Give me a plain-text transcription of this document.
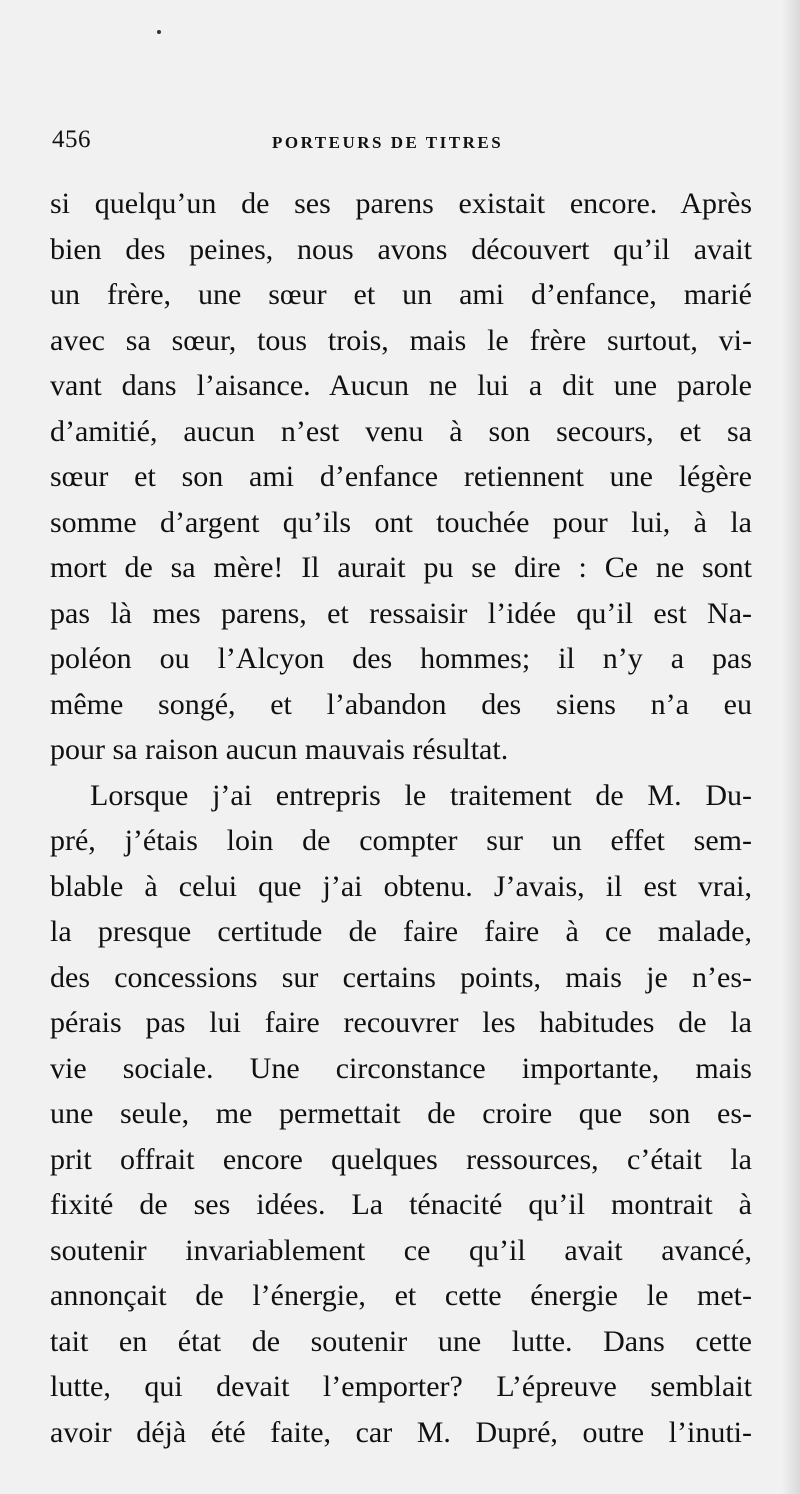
456	PORTEURS DE TITRES
si quelqu’un de ses parens existait encore. Après
bien des peines, nous avons découvert qu’il avait
un frère, une sœur et un ami d’enfance, marié
avec sa sœur, tous trois, mais le frère surtout, vi-
vant dans l’aisance. Aucun ne lui a dit une parole
d’amitié, aucun n’est venu à son secours, et sa
sœur et son ami d’enfance retiennent une légère
somme d’argent qu’ils ont touchée pour lui, à la
mort de sa mère! Il aurait pu se dire : Ce ne sont
pas là mes parens, et ressaisir l’idée qu’il est Na-
poléon ou l’Alcyon des hommes; il n’y a pas
même songé, et l’abandon des siens n’a eu
pour sa raison aucun mauvais résultat.
Lorsque j’ai entrepris le traitement de M. Du-
pré, j’étais loin de compter sur un effet sem-
blable à celui que j’ai obtenu. J’avais, il est vrai,
la presque certitude de faire faire à ce malade,
des concessions sur certains points, mais je n’es-
pérais pas lui faire recouvrer les habitudes de la
vie sociale. Une circonstance importante, mais
une seule, me permettait de croire que son es-
prit offrait encore quelques ressources, c’était la
fixité de ses idées. La ténacité qu’il montrait à
soutenir invariablement ce qu’il avait avancé,
annonçait de l’énergie, et cette énergie le met-
tait en état de soutenir une lutte. Dans cette
lutte, qui devait l’emporter? L’épreuve semblait
avoir déjà été faite, car M. Dupré, outre l’inuti-
